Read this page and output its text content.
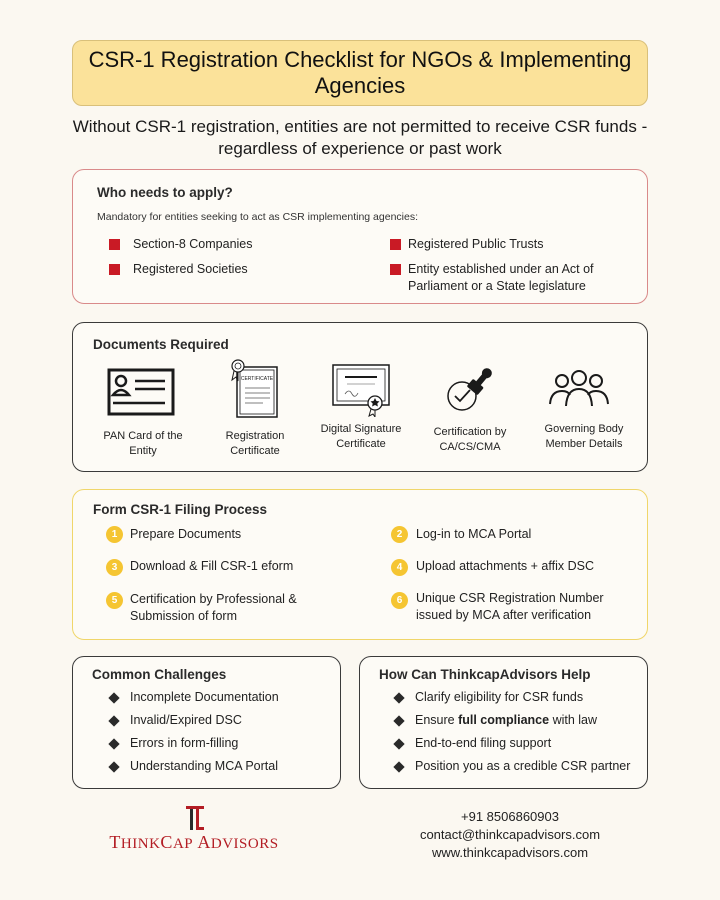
CSR-1 Registration Checklist for NGOs & Implementing Agencies
Without CSR-1 registration, entities are not permitted to receive CSR funds - regardless of experience or past work
Who needs to apply?
Mandatory for entities seeking to act as CSR implementing agencies:
Section-8 Companies
Registered Societies
Registered Public Trusts
Entity established under an Act of Parliament or a State legislature
Documents Required
PAN Card of the Entity
CERTIFICATE
Registration Certificate
Digital Signature Certificate
Certification by CA/CS/CMA
Governing Body Member Details
Form CSR-1 Filing Process
1	Prepare Documents	2	Log-in to MCA Portal
3	Download & Fill CSR-1 eform	4	Upload attachments + affix DSC
5	Certification by Professional & Submission of form
6	Unique CSR Registration Number issued by MCA after verification
Common Challenges
Incomplete Documentation
Invalid/Expired DSC
Errors in form-filling
Understanding MCA Portal
How Can ThinkcapAdvisors Help
Clarify eligibility for CSR funds
Ensure full compliance with law
End-to-end filing support
Position you as a credible CSR partner
THINKCAP ADVISORS
+91 8506860903
contact@thinkcapadvisors.com
www.thinkcapadvisors.com
